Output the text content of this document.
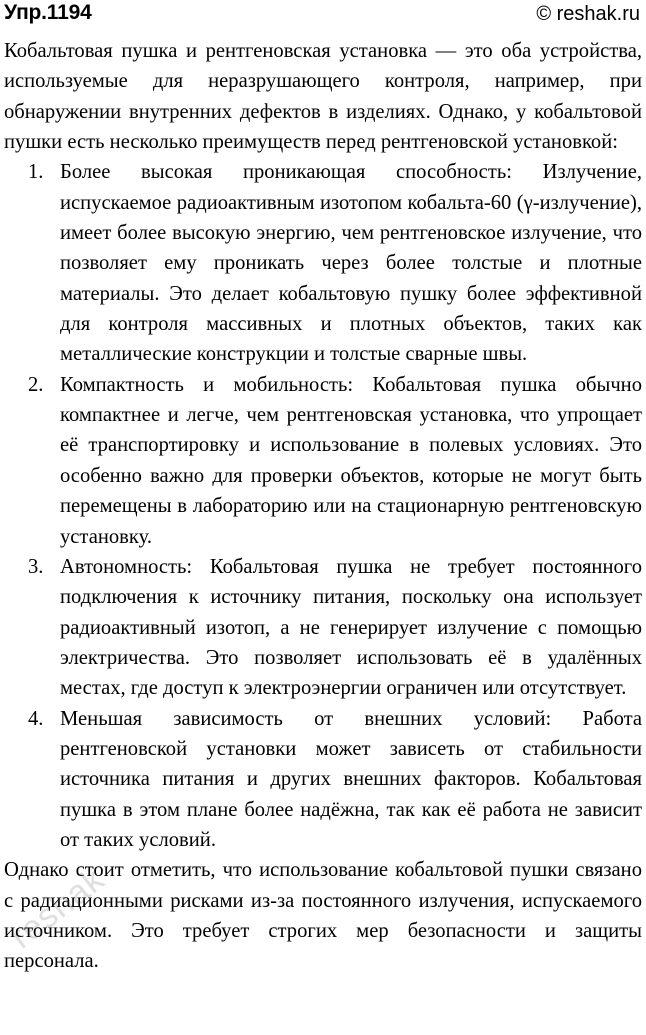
Упр.1194	© reshak.ru

Кобальтовая пушка и рентгеновская установка — это оба устройства, используемые для неразрушающего контроля, например, при обнаружении внутренних дефектов в изделиях. Однако, у кобальтовой пушки есть несколько преимуществ перед рентгеновской установкой:

1. Более высокая проникающая способность: Излучение, испускаемое радиоактивным изотопом кобальта-60 (γ-излучение), имеет более высокую энергию, чем рентгеновское излучение, что позволяет ему проникать через более толстые и плотные материалы. Это делает кобальтовую пушку более эффективной для контроля массивных и плотных объектов, таких как металлические конструкции и толстые сварные швы.
2. Компактность и мобильность: Кобальтовая пушка обычно компактнее и легче, чем рентгеновская установка, что упрощает её транспортировку и использование в полевых условиях. Это особенно важно для проверки объектов, которые не могут быть перемещены в лабораторию или на стационарную рентгеновскую установку.
3. Автономность: Кобальтовая пушка не требует постоянного подключения к источнику питания, поскольку она использует радиоактивный изотоп, а не генерирует излучение с помощью электричества. Это позволяет использовать её в удалённых местах, где доступ к электроэнергии ограничен или отсутствует.
4. Меньшая зависимость от внешних условий: Работа рентгеновской установки может зависеть от стабильности источника питания и других внешних факторов. Кобальтовая пушка в этом плане более надёжна, так как её работа не зависит от таких условий.

Однако стоит отметить, что использование кобальтовой пушки связано с радиационными рисками из-за постоянного излучения, испускаемого источником. Это требует строгих мер безопасности и защиты персонала.

reshak
